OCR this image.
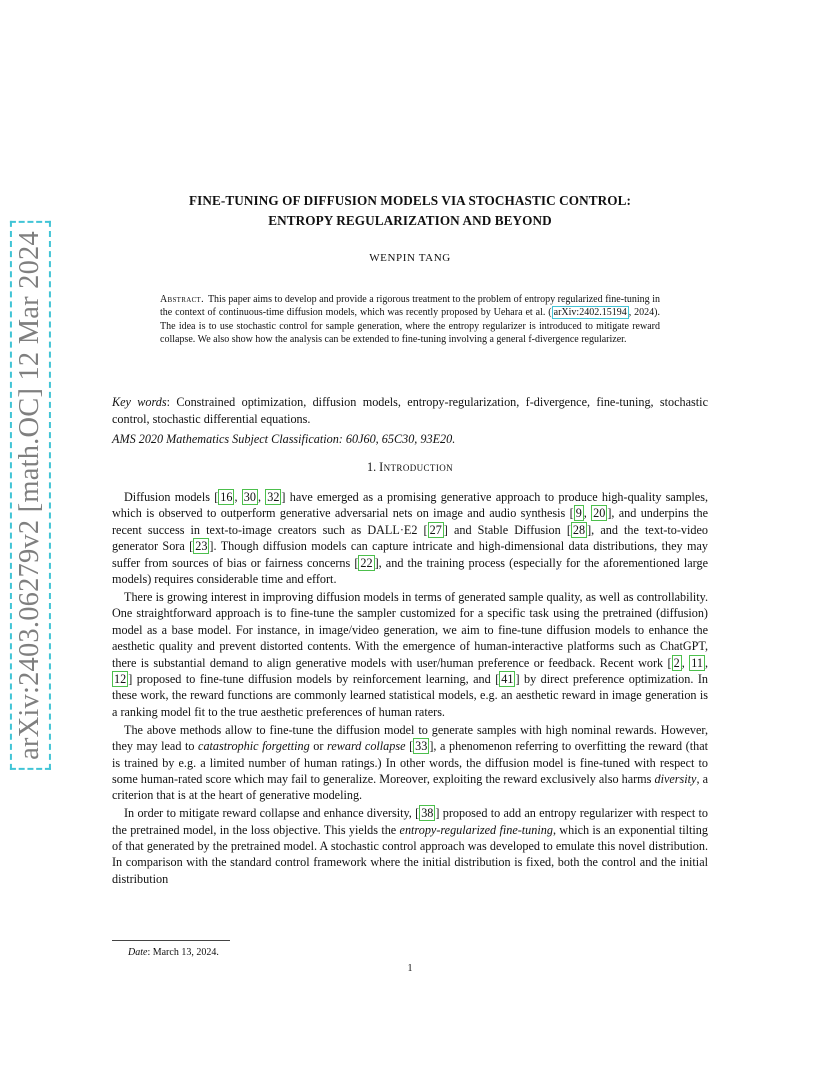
arXiv:2403.06279v2 [math.OC] 12 Mar 2024
FINE-TUNING OF DIFFUSION MODELS VIA STOCHASTIC CONTROL:
ENTROPY REGULARIZATION AND BEYOND
WENPIN TANG
Abstract. This paper aims to develop and provide a rigorous treatment to the problem of entropy regularized fine-tuning in the context of continuous-time diffusion models, which was recently proposed by Uehara et al. ( arXiv:2402.15194 , 2024). The idea is to use stochastic control for sample generation, where the entropy regularizer is introduced to mitigate reward collapse. We also show how the analysis can be extended to fine-tuning involving a general f-divergence regularizer.
Key words: Constrained optimization, diffusion models, entropy-regularization, f-divergence, fine-tuning, stochastic control, stochastic differential equations.
AMS 2020 Mathematics Subject Classification: 60J60, 65C30, 93E20.
1. Introduction

Diffusion models [ 16 , 30 , 32 ] have emerged as a promising generative approach to produce high-quality samples, which is observed to outperform generative adversarial nets on image and audio synthesis [ 9 , 20 ], and underpins the recent success in text-to-image creators such as DALL·E2 [ 27 ] and Stable Diffusion [ 28 ], and the text-to-video generator Sora [ 23 ]. Though diffusion models can capture intricate and high-dimensional data distributions, they may suffer from sources of bias or fairness concerns [ 22 ], and the training process (especially for the aforementioned large models) requires considerable time and effort.

There is growing interest in improving diffusion models in terms of generated sample quality, as well as controllability. One straightforward approach is to fine-tune the sampler customized for a specific task using the pretrained (diffusion) model as a base model. For instance, in image/video generation, we aim to fine-tune diffusion models to enhance the aesthetic quality and prevent distorted contents. With the emergence of human-interactive platforms such as ChatGPT, there is substantial demand to align generative models with user/human preference or feedback. Recent work [ 2 , 11 , 12 ] proposed to fine-tune diffusion models by reinforcement learning, and [ 41 ] by direct preference optimization. In these work, the reward functions are commonly learned statistical models, e.g. an aesthetic reward in image generation is a ranking model fit to the true aesthetic preferences of human raters.

The above methods allow to fine-tune the diffusion model to generate samples with high nominal rewards. However, they may lead to catastrophic forgetting or reward collapse [ 33 ], a phenomenon referring to overfitting the reward (that is trained by e.g. a limited number of human ratings.) In other words, the diffusion model is fine-tuned with respect to some human-rated score which may fail to generalize. Moreover, exploiting the reward exclusively also harms diversity, a criterion that is at the heart of generative modeling.

In order to mitigate reward collapse and enhance diversity, [ 38 ] proposed to add an entropy regularizer with respect to the pretrained model, in the loss objective. This yields the entropy-regularized fine-tuning, which is an exponential tilting of that generated by the pretrained model. A stochastic control approach was developed to emulate this novel distribution. In comparison with the standard control framework where the initial distribution is fixed, both the control and the initial distribution

Date: March 13, 2024.
1
